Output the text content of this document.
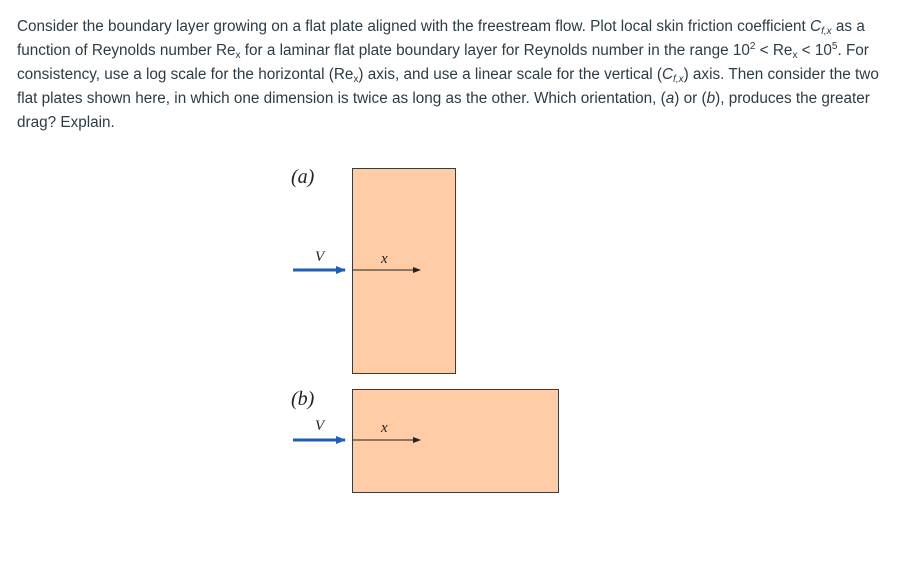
Consider the boundary layer growing on a flat plate aligned with the freestream flow. Plot local skin friction coefficient $C_{f,x}$ as a function of Reynolds number $Re_x$ for a laminar flat plate boundary layer for Reynolds number in the range $10^2 < Re_x < 10^5$. For consistency, use a log scale for the horizontal $(Re_x)$ axis, and use a linear scale for the vertical $(C_{f,x})$ axis. Then consider the two flat plates shown here, in which one dimension is twice as long as the other. Which orientation, (a) or (b), produces the greater drag? Explain.

(a)
V	x
(b)
V	x
